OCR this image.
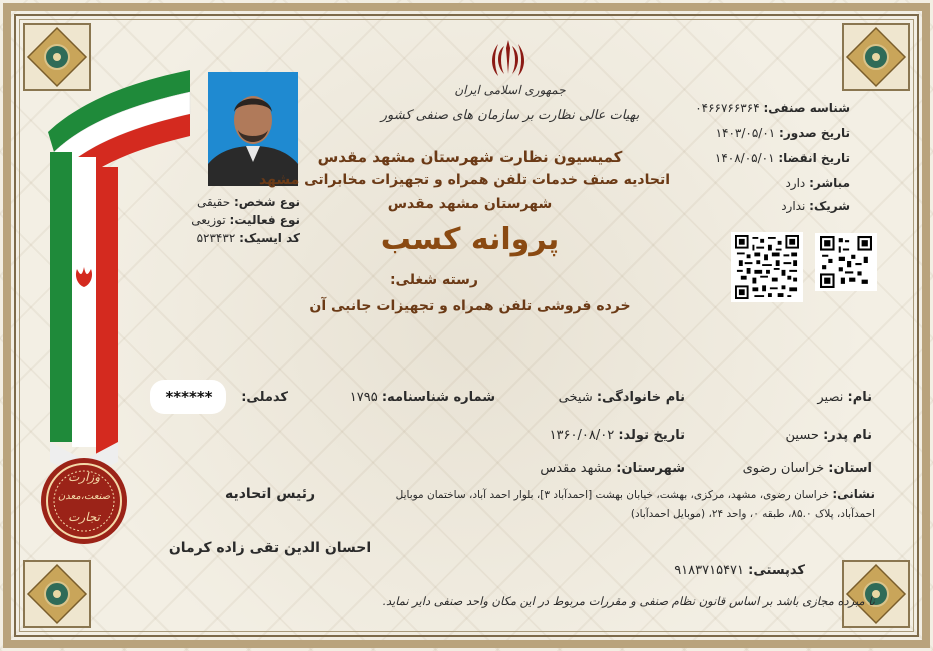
وزارت
صنعت،معدن
تجارت
جمهوری اسلامی ایران
بهیات عالی نظارت بر سازمان های صنفی کشور
کمیسیون نظارت شهرستان مشهد مقدس
اتحادیه صنف خدمات تلفن همراه و تجهیزات مخابراتی مشهد
شهرستان مشهد مقدس
پروانه کسب
رسته شغلی:
خرده فروشی تلفن همراه و تجهیزات جانبی آن
شناسه صنفی: ۰۴۶۶۷۶۶۳۶۴
تاریخ صدور: ۱۴۰۳/۰۵/۰۱
تاریخ انقضا: ۱۴۰۸/۰۵/۰۱
مباشر: دارد
شریک: ندارد
نوع شخص: حقیقی
نوع فعالیت: توزیعی
کد ایسیک: ۵۲۳۴۳۲
نام: نصیر
نام خانوادگی: شیخی
شماره شناسنامه: ۱۷۹۵
کدملی:
******
نام پدر: حسین
تاریخ تولد: ۱۳۶۰/۰۸/۰۲
استان: خراسان رضوی
شهرستان: مشهد مقدس
نشانی: خراسان رضوی، مشهد، مرکزی، بهشت، خیابان بهشت [احمدآباد ۳]، بلوار احمد آباد، ساختمان موبایل
احمدآباد، پلاک ۸۵.۰، طبقه ۰، واحد ۲۴، (موبایل احمدآباد)
کدپستی: ۹۱۸۳۷۱۵۴۷۱
رئیس اتحادیه
احسان الدین تقی زاده کرمان
نا مبرده مجازی باشد بر اساس قانون نظام صنفی و مقررات مربوط در این مکان واحد صنفی دایر نماید.
